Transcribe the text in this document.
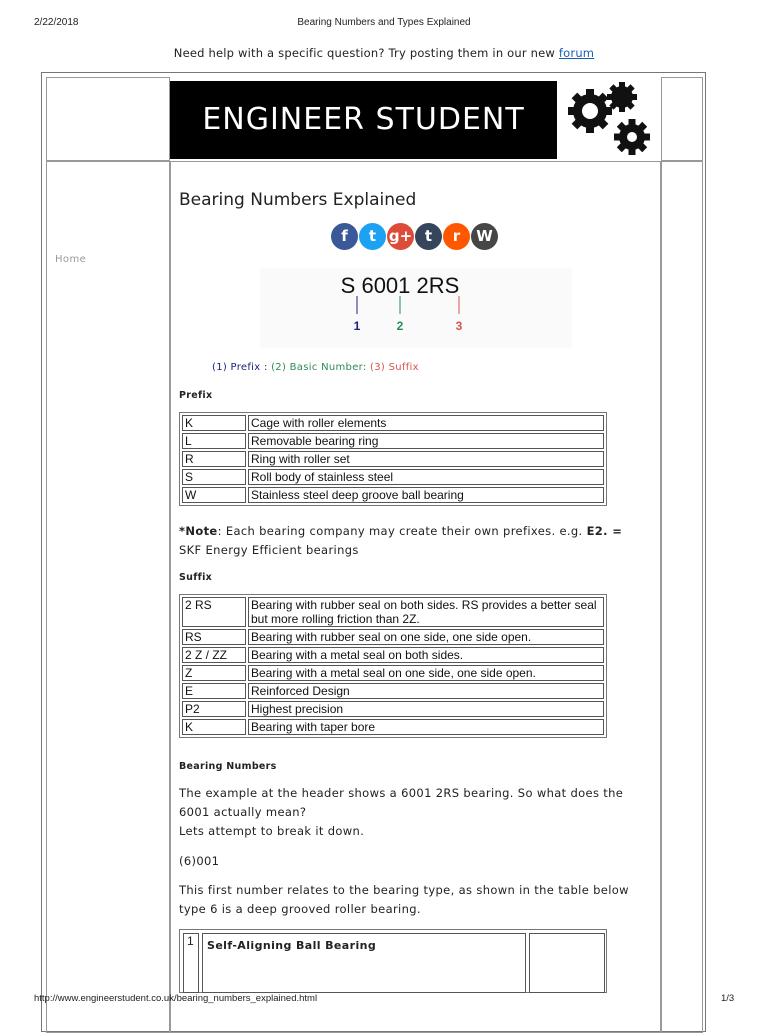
2/22/2018	Bearing Numbers and Types Explained
Need help with a specific question? Try posting them in our new forum
Home
ENGINEER STUDENT
Bearing Numbers Explained
f	t g+ t	r	W
S 6001 2RS
1	2	3
(1) Prefix : (2) Basic Number: (3) Suffix
Prefix
K	Cage with roller elements
L	Removable bearing ring
R	Ring with roller set
S	Roll body of stainless steel
W	Stainless steel deep groove ball bearing

*Note: Each bearing company may create their own prefixes. e.g. E2. =
SKF Energy Efficient bearings

Suffix
2 RS	Bearing with rubber seal on both sides. RS provides a better seal but more rolling friction than 2Z.
RS	Bearing with rubber seal on one side, one side open.
2 Z / ZZ	Bearing with a metal seal on both sides.
Z	Bearing with a metal seal on one side, one side open.
E	Reinforced Design
P2	Highest precision
K	Bearing with taper bore
Bearing Numbers

The example at the header shows a 6001 2RS bearing. So what does the 6001 actually mean?
Lets attempt to break it down.

(6)001

This first number relates to the bearing type, as shown in the table below type 6 is a deep grooved roller bearing.

1	Self-Aligning Ball Bearing
http://www.engineerstudent.co.uk/bearing_numbers_explained.html	1/3
